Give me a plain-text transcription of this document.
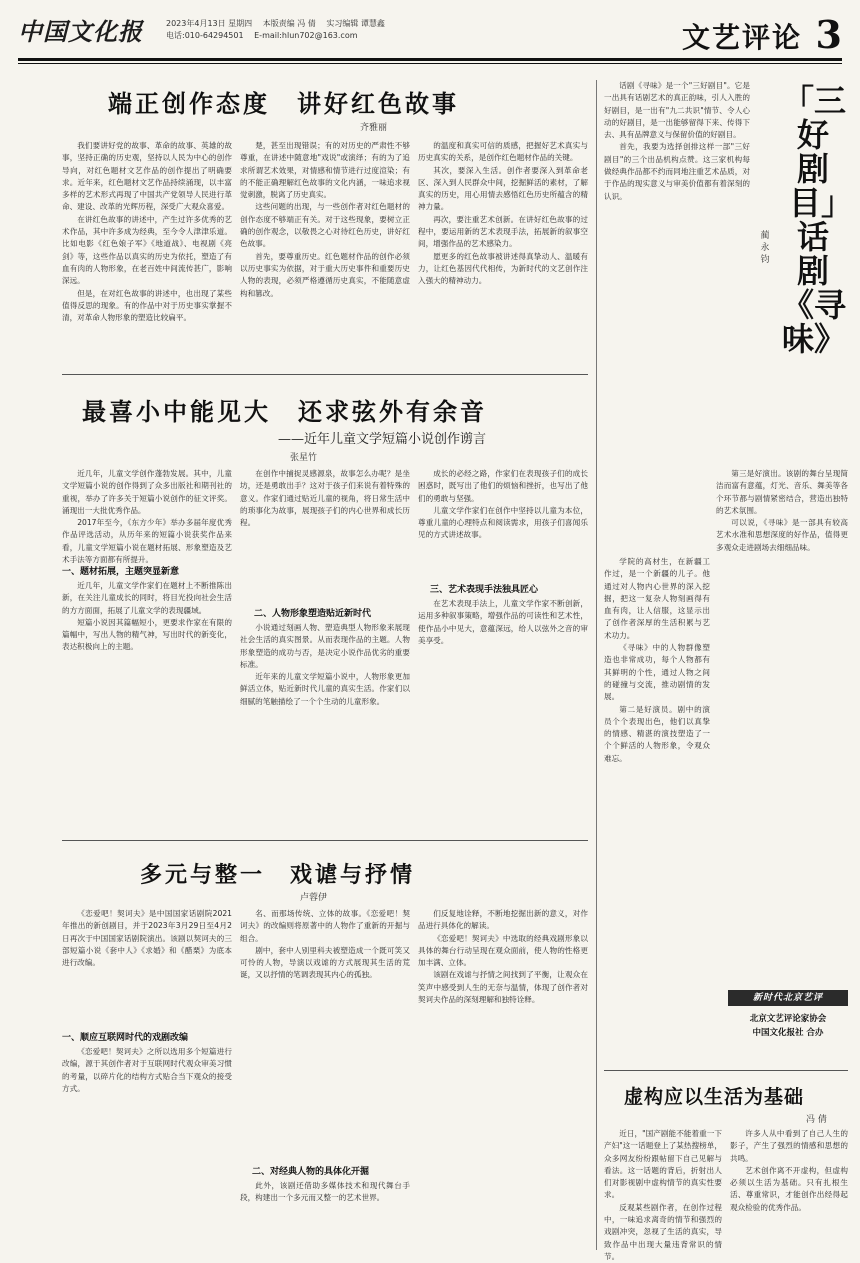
中国文化报	2023年4月13日 星期四 本版责编 冯 倩 实习编辑 谭慧鑫
电话:010-64294501 E-mail:hlun702@163.com	文艺评论 3
端正创作态度　讲好红色故事
齐雅丽

我们要讲好党的故事、革命的故事、英雄的故事，坚持正确的历史观，坚持以人民为中心的创作导向，对红色题材文艺作品的创作提出了明确要求。近年来，红色题材文艺作品持续涌现，以丰富多样的艺术形式再现了中国共产党领导人民进行革命、建设、改革的光辉历程，深受广大观众喜爱。

在讲红色故事的讲述中，产生过许多优秀的艺术作品，其中许多成为经典，至今令人津津乐道。比如电影《红色娘子军》《地道战》、电视剧《亮剑》等，这些作品以真实的历史为依托，塑造了有血有肉的人物形象，在老百姓中间流传甚广，影响深远。

但是，在对红色故事的讲述中，也出现了某些值得反思的现象。有的作品中对于历史事实掌握不清，对革命人物形象的塑造比较扁平。

楚，甚至出现错误；有的对历史的严肃性不够尊重，在讲述中随意地"戏说"或演绎；有的为了追求所谓艺术效果，对情感和情节进行过度渲染；有的不能正确理解红色故事的文化内涵，一味追求视觉刺激，脱离了历史真实。

这些问题的出现，与一些创作者对红色题材的创作态度不够端正有关。对于这些现象，要树立正确的创作观念，以敬畏之心对待红色历史，讲好红色故事。

首先，要尊重历史。红色题材作品的创作必须以历史事实为依据，对于重大历史事件和重要历史人物的表现，必须严格遵循历史真实，不能随意虚构和篡改。

的温度和真实可信的质感，把握好艺术真实与历史真实的关系，是创作红色题材作品的关键。

其次，要深入生活。创作者要深入到革命老区、深入到人民群众中间，挖掘鲜活的素材，了解真实的历史，用心用情去感悟红色历史所蕴含的精神力量。

再次，要注重艺术创新。在讲好红色故事的过程中，要运用新的艺术表现手法，拓展新的叙事空间，增强作品的艺术感染力。

愿更多的红色故事被讲述得真挚动人、温暖有力，让红色基因代代相传，为新时代的文艺创作注入强大的精神动力。

最喜小中能见大　还求弦外有余音
——近年儿童文学短篇小说创作谫言
张星竹

近几年，儿童文学创作蓬勃发展。其中，儿童文学短篇小说的创作得到了众多出版社和期刊社的重视，举办了许多关于短篇小说创作的征文评奖。涌现出一大批优秀作品。

2017年至今，《东方少年》举办多届年度优秀作品评选活动，从历年来的短篇小说获奖作品来看，儿童文学短篇小说在题材拓展、形象塑造及艺术手法等方面都有所提升。

一、题材拓展，主题突显新意

近几年，儿童文学作家们在题材上不断推陈出新，在关注儿童成长的同时，将目光投向社会生活的方方面面，拓展了儿童文学的表现疆域。

短篇小说因其篇幅短小，更要求作家在有限的篇幅中，写出人物的精气神，写出时代的新变化，表达积极向上的主题。

在创作中捕捉灵感源泉，故事怎么办呢？是坐坊，还是勇敢出手？这对于孩子们来说有着特殊的意义。作家们通过贴近儿童的视角，将日常生活中的琐事化为故事，展现孩子们的内心世界和成长历程。

二、人物形象塑造贴近新时代

小说通过刻画人物、塑造典型人物形象来展现社会生活的真实图景。从而表现作品的主题。人物形象塑造的成功与否，是决定小说作品优劣的重要标准。

近年来的儿童文学短篇小说中，人物形象更加鲜活立体，贴近新时代儿童的真实生活。作家们以细腻的笔触描绘了一个个生动的儿童形象。

成长的必经之路，作家们在表现孩子们的成长困惑时，既写出了他们的烦恼和挫折，也写出了他们的勇敢与坚强。

儿童文学作家们在创作中坚持以儿童为本位，尊重儿童的心理特点和阅读需求，用孩子们喜闻乐见的方式讲述故事。

三、艺术表现手法独具匠心

在艺术表现手法上，儿童文学作家不断创新，运用多种叙事策略，增强作品的可读性和艺术性，使作品小中见大，意蕴深远，给人以弦外之音的审美享受。

多元与整一　戏谑与抒情
卢蓉伊

《恋爱吧！契诃夫》是中国国家话剧院2021年推出的新创剧目，并于2023年3月29日至4月2日再次于中国国家话剧院演出。该剧以契诃夫的三部短篇小说《套中人》《求婚》和《醋栗》为底本进行改编。

一、顺应互联网时代的戏剧改编

《恋爱吧！契诃夫》之所以选用多个短篇进行改编，源于其创作者对于互联网时代观众审美习惯的考量，以碎片化的结构方式贴合当下观众的接受方式。

名、而那场传统、立体的故事。《恋爱吧！契诃夫》的改编则将原著中的人物作了重新的开掘与组合。

剧中，套中人别里科夫被塑造成一个既可笑又可怜的人物，导演以戏谑的方式展现其生活的荒诞，又以抒情的笔调表现其内心的孤独。

二、对经典人物的具体化开掘

此外，该剧还借助多媒体技术和现代舞台手段，构建出一个多元而又整一的艺术世界。

们反复地诠释，不断地挖掘出新的意义，对作品进行具体化的解读。

《恋爱吧！契诃夫》中选取的经典戏剧形象以具体的舞台行动呈现在观众面前，使人物的性格更加丰满、立体。

该剧在戏谑与抒情之间找到了平衡，让观众在笑声中感受到人生的无奈与温情，体现了创作者对契诃夫作品的深刻理解和独特诠释。

话剧《寻味》是一个"三好剧目"。它是一出具有话剧艺术的真正韵味，引人入胜的好剧目，是一出有"九二共识"情节、令人心动的好剧目，是一出能够留得下来、传得下去、具有品牌意义与保留价值的好剧目。

首先，我要为选择创排这样一部"三好剧目"的三个出品机构点赞。这三家机构每做经典作品都不约而同地注重艺术品质，对于作品的现实意义与审美价值都有着深刻的认识。

「三好剧目」话剧《寻味》
蔺永钧

学院的高材生，在新疆工作过，是一个新疆的儿子。他通过对人物内心世界的深入挖掘，把这一复杂人物刻画得有血有肉，让人信服，这显示出了创作者深厚的生活积累与艺术功力。

《寻味》中的人物群像塑造也非常成功，每个人物都有其鲜明的个性，通过人物之间的碰撞与交流，推动剧情的发展。

第二是好演员。剧中的演员个个表现出色，他们以真挚的情感、精湛的演技塑造了一个个鲜活的人物形象，令观众难忘。

第三是好演出。该剧的舞台呈现简洁而富有意蕴，灯光、音乐、舞美等各个环节都与剧情紧密结合，营造出独特的艺术氛围。

可以说，《寻味》是一部具有较高艺术水准和思想深度的好作品，值得更多观众走进剧场去细细品味。

新时代北京艺评
北京文艺评论家协会
中国文化报社 合办
虚构应以生活为基础
冯 倩

近日，"国产剧能不能着重一下产妇"这一话题登上了某热搜榜单，众多网友纷纷跟帖留下自己见解与看法。这一话题的背后，折射出人们对影视剧中虚构情节的真实性要求。

反观某些剧作者，在创作过程中，一味追求离奇的情节和强烈的戏剧冲突，忽视了生活的真实，导致作品中出现大量违背常识的情节。

许多人从中看到了自己人生的影子，产生了强烈的情感和思想的共鸣。

艺术创作离不开虚构，但虚构必须以生活为基础。只有扎根生活、尊重常识，才能创作出经得起观众检验的优秀作品。
